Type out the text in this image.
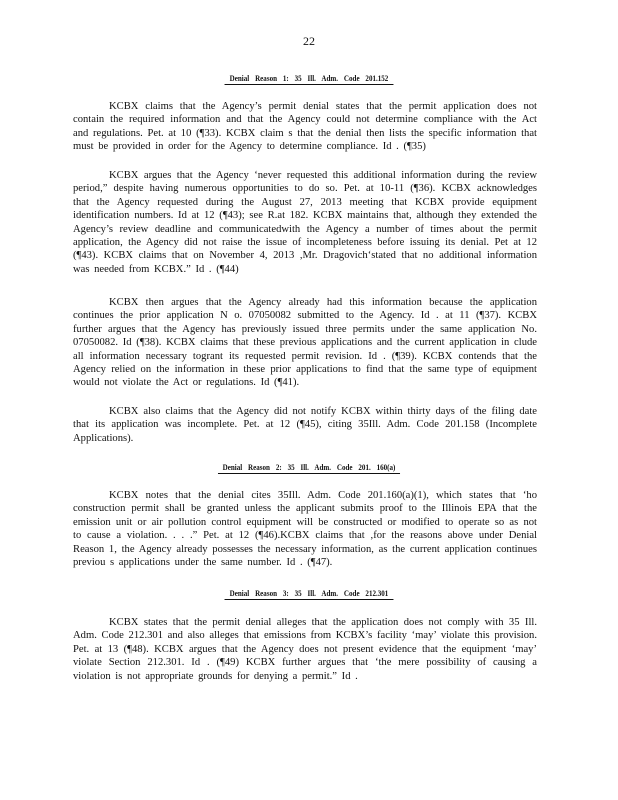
22
Denial Reason 1: 35 Ill. Adm. Code 201.152
KCBX claims that the Agency’s permit denial states that the permit application does not contain the required information and that the Agency could not determine compliance with the Act and regulations. Pet. at 10 (¶33). KCBX claim s that the denial then lists the specific information that must be provided in order for the Agency to determine compliance. Id . (¶35)
KCBX argues that the Agency ‘never requested this additional information during the review period,” despite having numerous opportunities to do so. Pet. at 10-11 (¶36). KCBX acknowledges that the Agency requested during the August 27, 2013 meeting that KCBX provide equipment identification numbers. Id at 12 (¶43); see R.at 182. KCBX maintains that, although they extended the Agency’s review deadline and communicatedwith the Agency a number of times about the permit application, the Agency did not raise the issue of incompleteness before issuing its denial. Pet at 12 (¶43). KCBX claims that on November 4, 2013 ,Mr. Dragovich‘stated that no additional information was needed from KCBX.” Id . (¶44)
KCBX then argues that the Agency already had this information because the application continues the prior application N o. 07050082 submitted to the Agency. Id . at 11 (¶37). KCBX further argues that the Agency has previously issued three permits under the same application No. 07050082. Id (¶38). KCBX claims that these previous applications and the current application in clude all information necessary togrant its requested permit revision. Id . (¶39). KCBX contends that the Agency relied on the information in these prior applications to find that the same type of equipment would not violate the Act or regulations. Id (¶41).
KCBX also claims that the Agency did not notify KCBX within thirty days of the filing date that its application was incomplete. Pet. at 12 (¶45), citing 35Ill. Adm. Code 201.158 (Incomplete Applications).
Denial Reason 2: 35 Ill. Adm. Code 201. 160(a)
KCBX notes that the denial cites 35Ill. Adm. Code 201.160(a)(1), which states that ‘ho construction permit shall be granted unless the applicant submits proof to the Illinois EPA that the emission unit or air pollution control equipment will be constructed or modified to operate so as not to cause a violation. . . .” Pet. at 12 (¶46).KCBX claims that ,for the reasons above under Denial Reason 1, the Agency already possesses the necessary information, as the current application continues previou s applications under the same number. Id . (¶47).
Denial Reason 3: 35 Ill. Adm. Code 212.301
KCBX states that the permit denial alleges that the application does not comply with 35 Ill. Adm. Code 212.301 and also alleges that emissions from KCBX’s facility ‘may’ violate this provision. Pet. at 13 (¶48). KCBX argues that the Agency does not present evidence that the equipment ‘may’ violate Section 212.301. Id . (¶49) KCBX further argues that ‘the mere possibility of causing a violation is not appropriate grounds for denying a permit.” Id .
